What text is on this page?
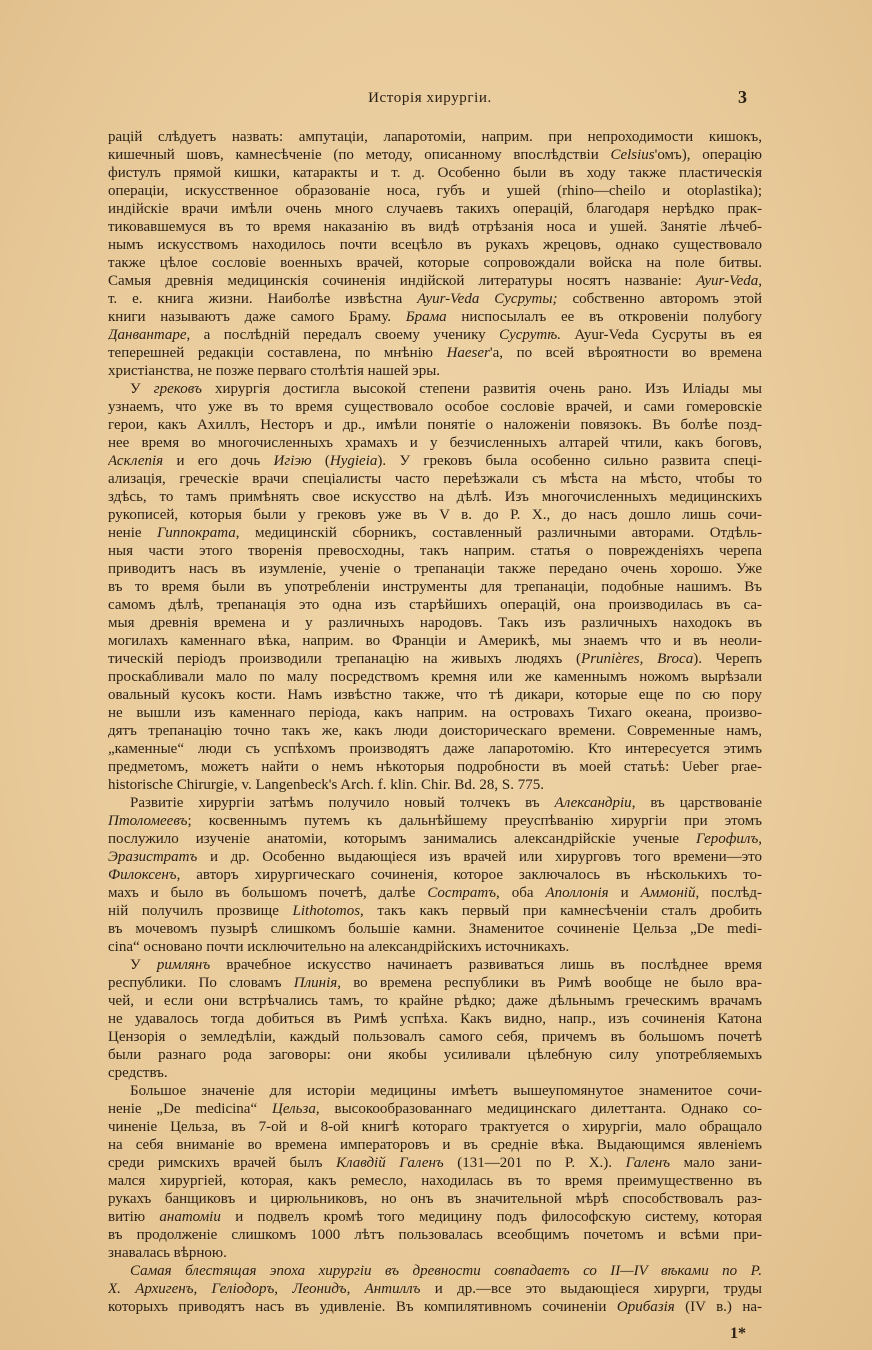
Исторія хирургіи.	3
рацій слѣдуетъ назвать: ампутаціи, лапаротоміи, наприм. при непроходимости кишокъ,
кишечный шовъ, камнесѣченіе (по методу, описанному впослѣдствіи Celsius'омъ), операцію
фистулъ прямой кишки, катаракты и т. д. Особенно были въ ходу также пластическія
операціи, искусственное образованіе носа, губъ и ушей (rhino—cheilo и otoplastika);
индійскіе врачи имѣли очень много случаевъ такихъ операцій, благодаря нерѣдко прак-
тиковавшемуся въ то время наказанію въ видѣ отрѣзанія носа и ушей. Занятіе лѣчеб-
нымъ искусствомъ находилось почти всецѣло въ рукахъ жрецовъ, однако существовало
также цѣлое сословіе военныхъ врачей, которые сопровождали войска на поле битвы.
Самыя древнія медицинскія сочиненія индійской литературы носятъ названіе: Ayur-Veda,
т. е. книга жизни. Наиболѣе извѣстна Ayur-Veda Сусруты; собственно авторомъ этой
книги называютъ даже самого Браму. Брама ниспосылалъ ее въ откровеніи полубогу
Данвантаре, а послѣдній передалъ своему ученику Сусрутѣ. Ayur-Veda Сусруты въ ея
теперешней редакціи составлена, по мнѣнію Haeser'а, по всей вѣроятности во времена
христіанства, не позже перваго столѣтія нашей эры.
У грековъ хирургія достигла высокой степени развитія очень рано. Изъ Иліады мы
узнаемъ, что уже въ то время существовало особое сословіе врачей, и сами гомеровскіе
герои, какъ Ахиллъ, Несторъ и др., имѣли понятіе о наложеніи повязокъ. Въ болѣе позд-
нее время во многочисленныхъ храмахъ и у безчисленныхъ алтарей чтили, какъ боговъ,
Асклепія и его дочь Игіэю (Hygieia). У грековъ была особенно сильно развита спеці-
ализація, греческіе врачи спеціалисты часто переѣзжали съ мѣста на мѣсто, чтобы то
здѣсь, то тамъ примѣнять свое искусство на дѣлѣ. Изъ многочисленныхъ медицинскихъ
рукописей, которыя были у грековъ уже въ V в. до Р. Х., до насъ дошло лишь сочи-
неніе Гиппократа, медицинскій сборникъ, составленный различными авторами. Отдѣль-
ныя части этого творенія превосходны, такъ наприм. статья о поврежденіяхъ черепа
приводитъ насъ въ изумленіе, ученіе о трепанаціи также передано очень хорошо. Уже
въ то время были въ употребленіи инструменты для трепанаціи, подобные нашимъ. Въ
самомъ дѣлѣ, трепанація это одна изъ старѣйшихъ операцій, она производилась въ са-
мыя древнія времена и у различныхъ народовъ. Такъ изъ различныхъ находокъ въ
могилахъ каменнаго вѣка, наприм. во Франціи и Америкѣ, мы знаемъ что и въ неоли-
тическій періодъ производили трепанацію на живыхъ людяхъ (Prunières, Broca). Черепъ
проскабливали мало по малу посредствомъ кремня или же каменнымъ ножомъ вырѣзали
овальный кусокъ кости. Намъ извѣстно также, что тѣ дикари, которые еще по сю пору
не вышли изъ каменнаго періода, какъ наприм. на островахъ Тихаго океана, произво-
дятъ трепанацію точно такъ же, какъ люди доисторическаго времени. Современные намъ,
„каменные“ люди съ успѣхомъ производятъ даже лапаротомію. Кто интересуется этимъ
предметомъ, можетъ найти о немъ нѣкоторыя подробности въ моей статьѣ: Ueber prae-
historische Chirurgie, v. Langenbeck's Arch. f. klin. Chir. Bd. 28, S. 775.
Развитіе хирургіи затѣмъ получило новый толчекъ въ Александріи, въ царствованіе
Птоломеевъ; косвеннымъ путемъ къ дальнѣйшему преуспѣванію хирургіи при этомъ
послужило изученіе анатоміи, которымъ занимались александрійскіе ученые Герофилъ,
Эразистратъ и др. Особенно выдающіеся изъ врачей или хирурговъ того времени—это
Филоксенъ, авторъ хирургическаго сочиненія, которое заключалось въ нѣсколькихъ то-
махъ и было въ большомъ почетѣ, далѣе Состратъ, оба Аполлонія и Аммоній, послѣд-
ній получилъ прозвище Lithotomos, такъ какъ первый при камнесѣченіи сталъ дробить
въ мочевомъ пузырѣ слишкомъ большіе камни. Знаменитое сочиненіе Цельза „De medi-
cina“ основано почти исключительно на александрійскихъ источникахъ.
У римлянъ врачебное искусство начинаетъ развиваться лишь въ послѣднее время
республики. По словамъ Плинія, во времена республики въ Римѣ вообще не было вра-
чей, и если они встрѣчались тамъ, то крайне рѣдко; даже дѣльнымъ греческимъ врачамъ
не удавалось тогда добиться въ Римѣ успѣха. Какъ видно, напр., изъ сочиненія Катона
Цензорія о земледѣліи, каждый пользовалъ самого себя, причемъ въ большомъ почетѣ
были разнаго рода заговоры: они якобы усиливали цѣлебную силу употребляемыхъ
средствъ.
Большое значеніе для исторіи медицины имѣетъ вышеупомянутое знаменитое сочи-
неніе „De medicina“ Цельза, высокообразованнаго медицинскаго дилеттанта. Однако со-
чиненіе Цельза, въ 7-ой и 8-ой книгѣ котораго трактуется о хирургіи, мало обращало
на себя вниманіе во времена императоровъ и въ средніе вѣка. Выдающимся явленіемъ
среди римскихъ врачей былъ Клавдій Галенъ (131—201 по Р. Х.). Галенъ мало зани-
мался хирургіей, которая, какъ ремесло, находилась въ то время преимущественно въ
рукахъ банщиковъ и цирюльниковъ, но онъ въ значительной мѣрѣ способствовалъ раз-
витію анатоміи и подвелъ кромѣ того медицину подъ философскую систему, которая
въ продолженіе слишкомъ 1000 лѣтъ пользовалась всеобщимъ почетомъ и всѣми при-
знавалась вѣрною.
Самая блестящая эпоха хирургіи въ древности совпадаетъ со II—IV вѣками по Р.
Х. Архигенъ, Геліодоръ, Леонидъ, Антиллъ и др.—все это выдающіеся хирурги, труды
которыхъ приводятъ насъ въ удивленіе. Въ компилятивномъ сочиненіи Орибазія (IV в.) на-
1*
